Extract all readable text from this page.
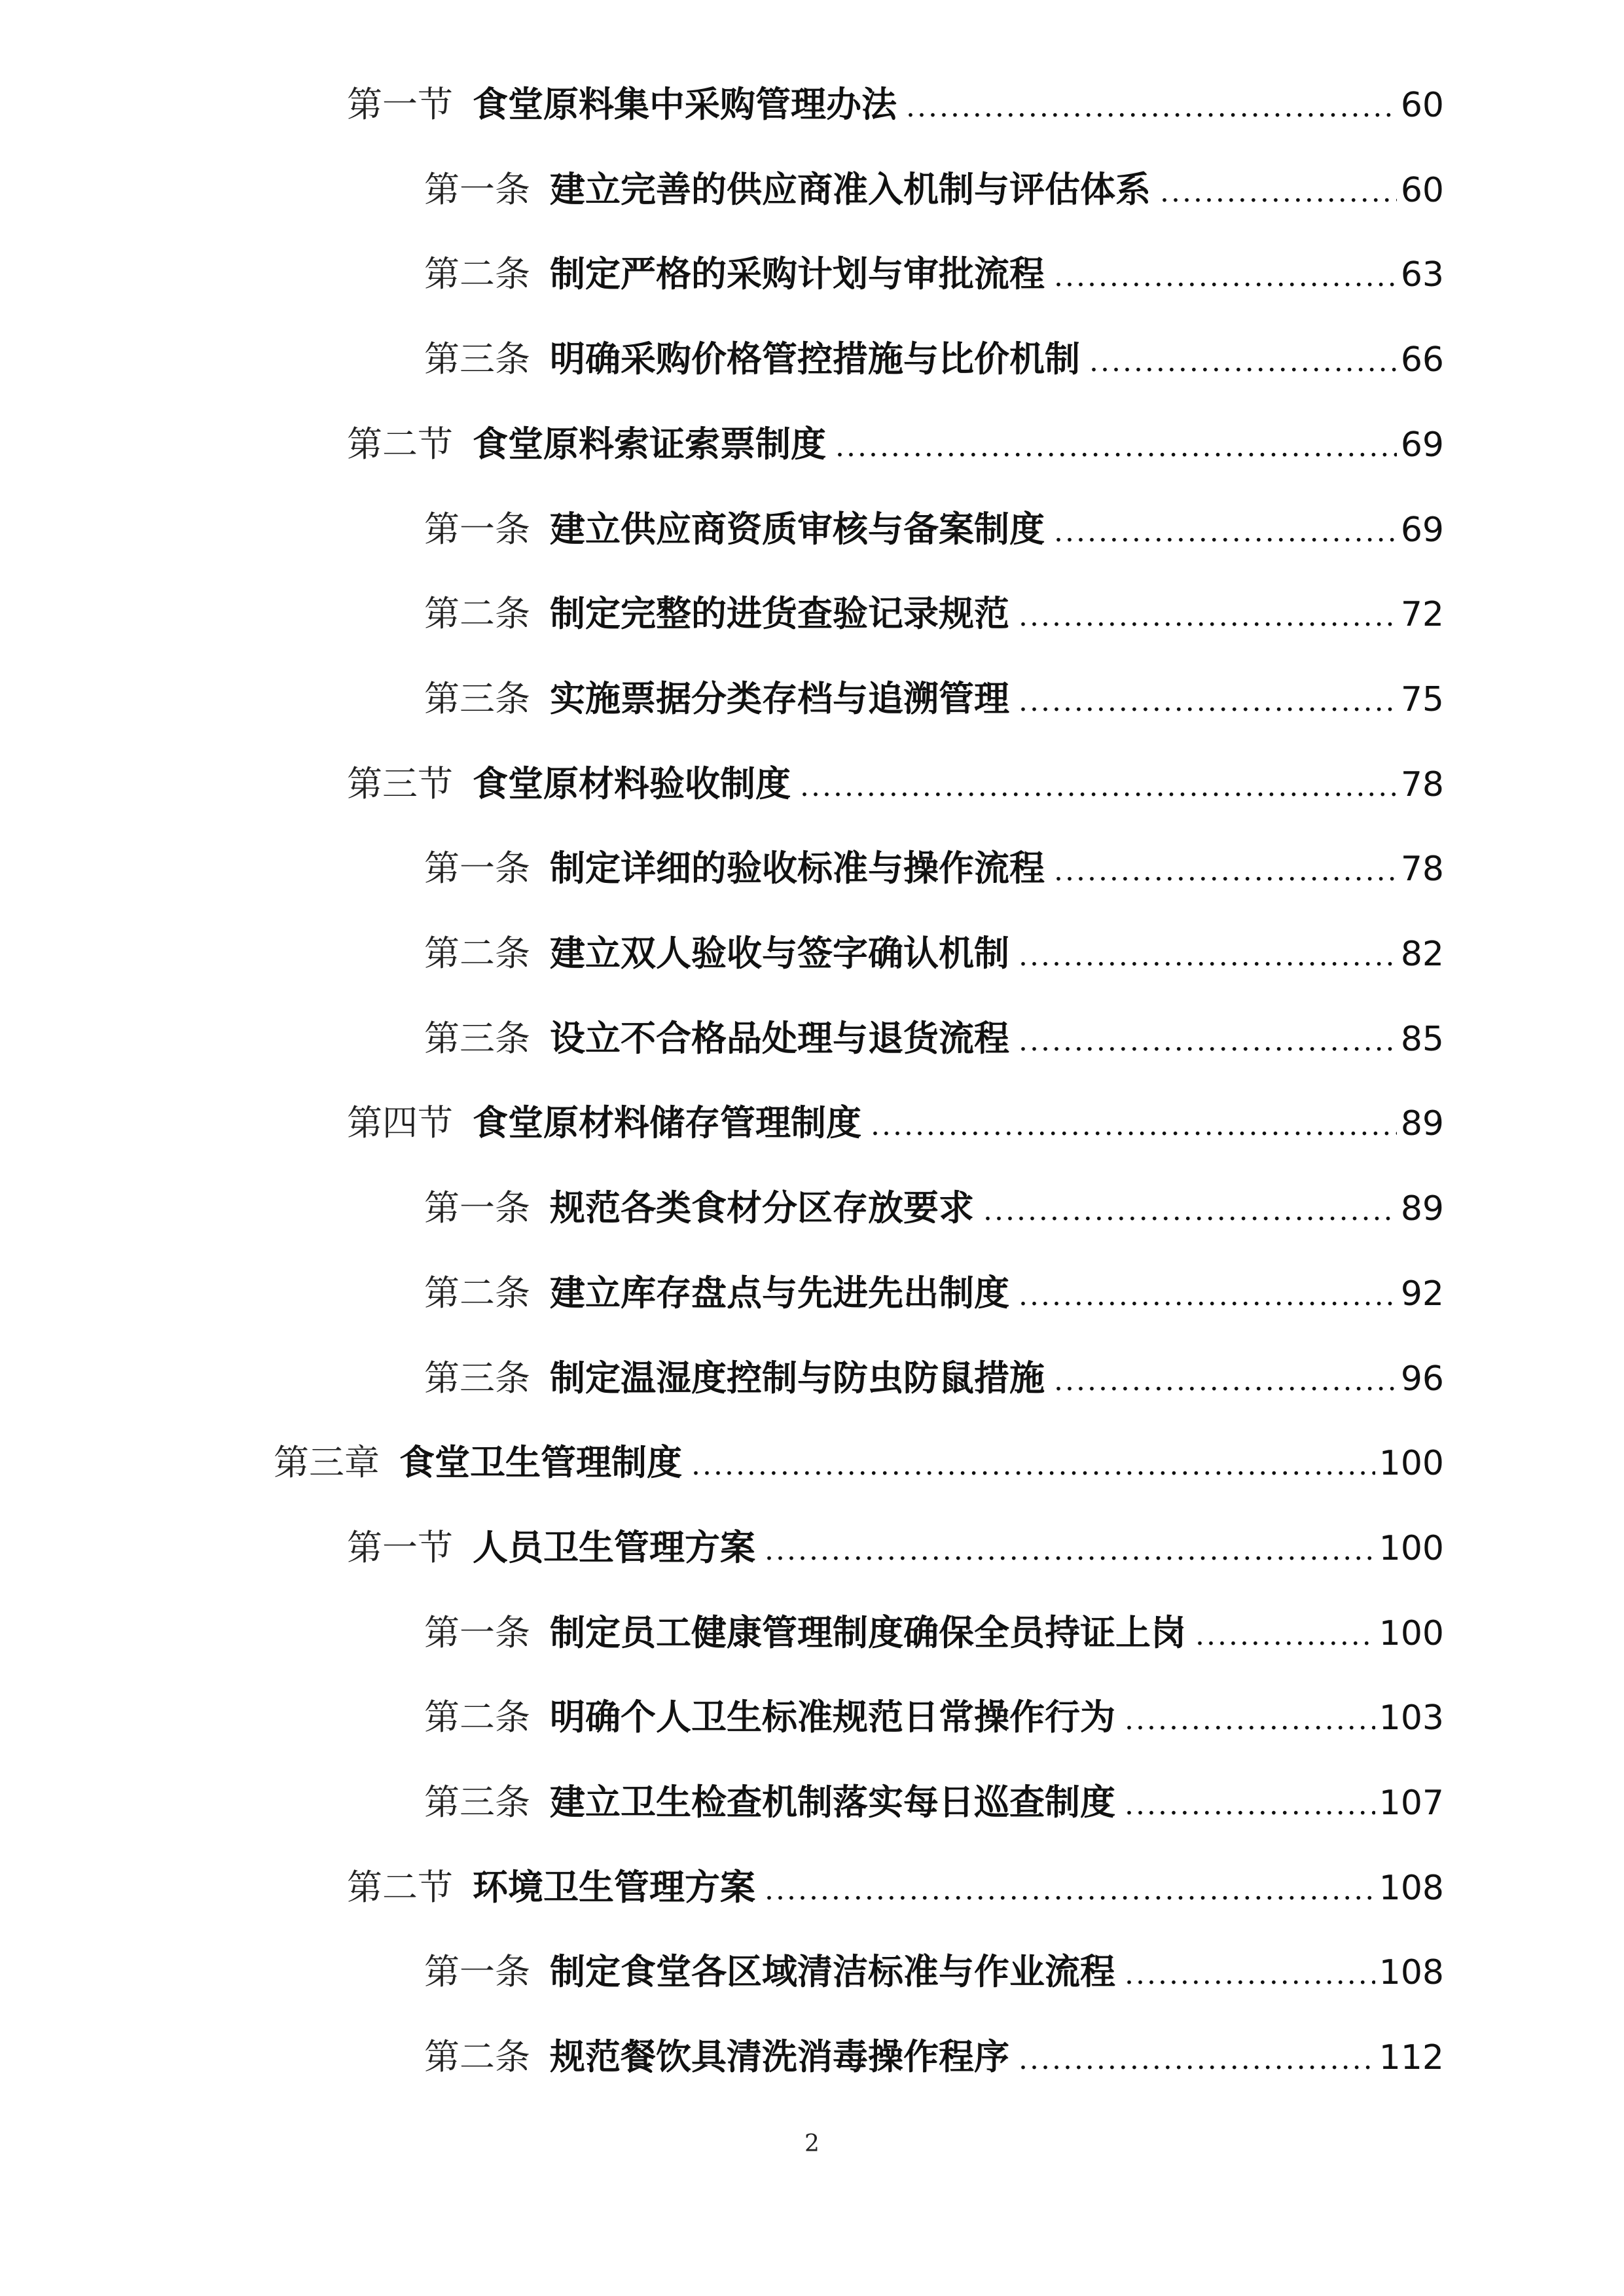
第一节 食堂原料集中采购管理办法 .....	60
第一条 建立完善的供应商准入机制与评估体系 .....	60
第二条 制定严格的采购计划与审批流程 .....	63
第三条 明确采购价格管控措施与比价机制 .....	66
第二节 食堂原料索证索票制度 .....	69
第一条 建立供应商资质审核与备案制度 .....	69
第二条 制定完整的进货查验记录规范 .....	72
第三条 实施票据分类存档与追溯管理 .....	75
第三节 食堂原材料验收制度 .....	78
第一条 制定详细的验收标准与操作流程 .....	78
第二条 建立双人验收与签字确认机制 .....	82
第三条 设立不合格品处理与退货流程 .....	85
第四节 食堂原材料储存管理制度 .....	89
第一条 规范各类食材分区存放要求 .....	89
第二条 建立库存盘点与先进先出制度 .....	92
第三条 制定温湿度控制与防虫防鼠措施 .....	96
第三章 食堂卫生管理制度 .....	100
第一节 人员卫生管理方案 .....	100
第一条 制定员工健康管理制度确保全员持证上岗 .....	100
第二条 明确个人卫生标准规范日常操作行为 .....	103
第三条 建立卫生检查机制落实每日巡查制度 .....	107
第二节 环境卫生管理方案 .....	108
第一条 制定食堂各区域清洁标准与作业流程 .....	108
第二条 规范餐饮具清洗消毒操作程序 .....	112
2
